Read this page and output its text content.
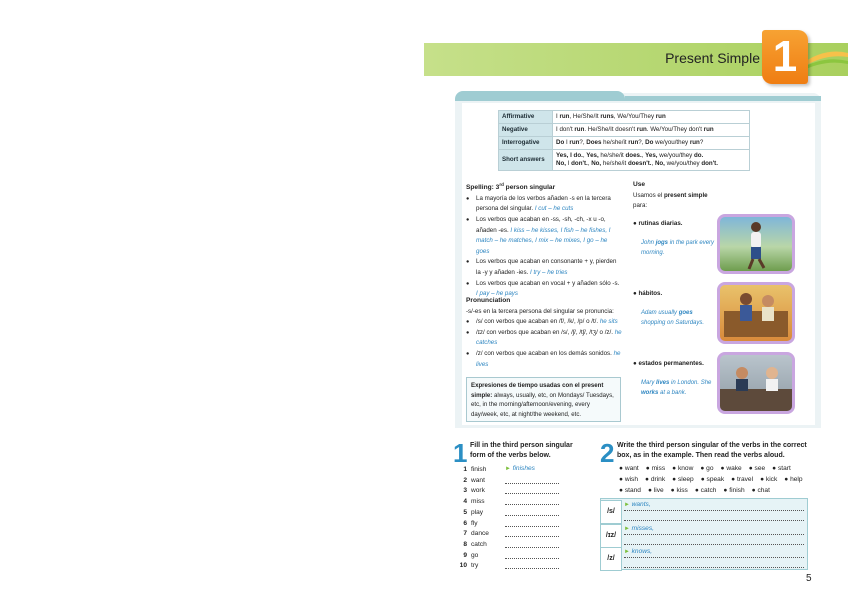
Present Simple 1
Affirmative	I run, He/She/It runs, We/You/They run

Negative	I don't run. He/She/It doesn't run. We/You/They don't run

Interrogative	Do I run?, Does he/she/it run?, Do we/you/they run?

Short answers	Yes, I do., Yes, he/she/it does., Yes, we/you/they do.
No, I don't., No, he/she/it doesn't., No, we/you/they don't.
Spelling: 3rd person singular
● La mayoría de los verbos añaden -s en la tercera persona del singular. I cut – he cuts
● Los verbos que acaban en -ss, -sh, -ch, -x u -o, añaden -es. I kiss – he kisses, I fish – he fishes, I match – he matches, I mix – he mixes, I go – he goes
● Los verbos que acaban en consonante + y, pierden la -y y añaden -ies. I try – he tries
● Los verbos que acaban en vocal + y añaden sólo -s. I pay – he pays
Pronunciation
-s/-es en la tercera persona del singular se pronuncia:
● /s/ con verbos que acaban en /f/, /k/, /p/ o /t/. he sits
● /ɪz/ con verbos que acaban en /s/, /ʃ/, /tʃ/, /tʒ/ o /z/. he catches
● /z/ con verbos que acaban en los demás sonidos. he lives
Expresiones de tiempo usadas con el present simple: always, usually, etc, on Mondays/ Tuesdays, etc, in the morning/afternoon/evening, every day/week, etc, at night/the weekend, etc.
Use
Usamos el present simple para:
● rutinas diarias.
John jogs in the park every morning.
● hábitos.
Adam usually goes shopping on Saturdays.
● estados permanentes.
Mary lives in London. She works at a bank.
1 Fill in the third person singular form of the verbs below.
1 finish	► finishes
2 want
3 work
4 miss
5 play
6 fly
7 dance
8 catch
9 go
10 try
2 Write the third person singular of the verbs in the correct box, as in the example. Then read the verbs aloud.
● want ● miss ● know ● go ● wake ● see ● start● wish ● drink ● sleep ● speak ● travel ● kick ● help● stand ● live ● kiss ● catch ● finish ● chat
/s/
► wants,
/ɪz/
► misses,
/z/
► knows,
5
